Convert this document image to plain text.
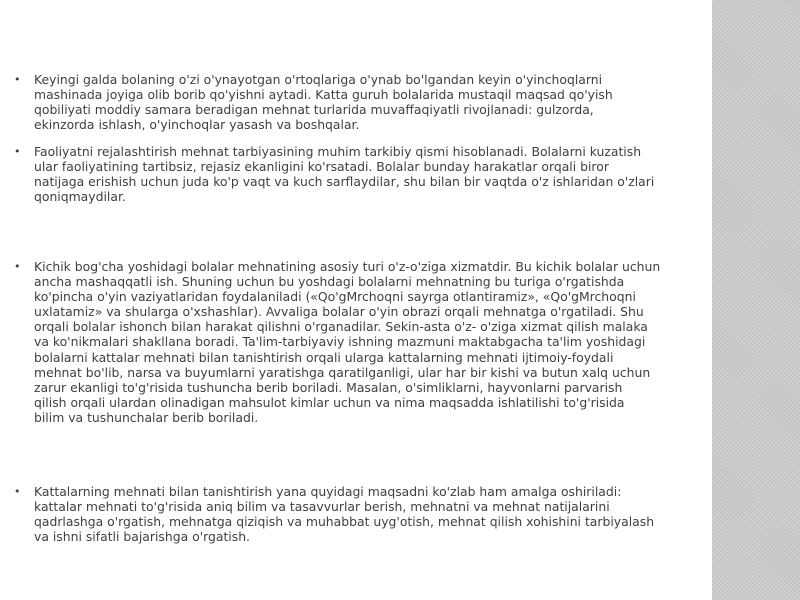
• Keyingi galda bolaning o'zi o'ynayotgan o'rtoqlariga o'ynab bo'lgandan keyin o'yinchoqlarni
mashinada joyiga olib borib qo'yishni aytadi. Katta guruh bolalarida mustaqil maqsad qo'yish
qobiliyati moddiy samara beradigan mehnat turlarida muvaffaqiyatli rivojlanadi: gulzorda,
ekinzorda ishlash, o'yinchoqlar yasash va boshqalar.
• Faoliyatni rejalashtirish mehnat tarbiyasining muhim tarkibiy qismi hisoblanadi. Bolalarni kuzatish
ular faoliyatining tartibsiz, rejasiz ekanligini ko'rsatadi. Bolalar bunday harakatlar orqali biror
natijaga erishish uchun juda ko'p vaqt va kuch sarflaydilar, shu bilan bir vaqtda o'z ishlaridan o'zlari
qoniqmaydilar.
• Kichik bog'cha yoshidagi bolalar mehnatining asosiy turi o'z-o'ziga xizmatdir. Bu kichik bolalar uchun
ancha mashaqqatli ish. Shuning uchun bu yoshdagi bolalarni mehnatning bu turiga o'rgatishda
ko'pincha o'yin vaziyatlaridan foydalaniladi («Qo'gMrchoqni sayrga otlantiramiz», «Qo'gMrchoqni
uxlatamiz» va shularga o'xshashlar). Avvaliga bolalar o'yin obrazi orqali mehnatga o'rgatiladi. Shu
orqali bolalar ishonch bilan harakat qilishni o'rganadilar. Sekin-asta o'z- o'ziga xizmat qilish malaka
va ko'nikmalari shakllana boradi. Ta'lim-tarbiyaviy ishning mazmuni maktabgacha ta'lim yoshidagi
bolalarni kattalar mehnati bilan tanishtirish orqali ularga kattalarning mehnati ijtimoiy-foydali
mehnat bo'lib, narsa va buyumlarni yaratishga qaratilganligi, ular har bir kishi va butun xalq uchun
zarur ekanligi to'g'risida tushuncha berib boriladi. Masalan, o'simliklarni, hayvonlarni parvarish
qilish orqali ulardan olinadigan mahsulot kimlar uchun va nima maqsadda ishlatilishi to'g'risida
bilim va tushunchalar berib boriladi.
• Kattalarning mehnati bilan tanishtirish yana quyidagi maqsadni ko'zlab ham amalga oshiriladi:
kattalar mehnati to'g'risida aniq bilim va tasavvurlar berish, mehnatni va mehnat natijalarini
qadrlashga o'rgatish, mehnatga qiziqish va muhabbat uyg'otish, mehnat qilish xohishini tarbiyalash
va ishni sifatli bajarishga o'rgatish.
